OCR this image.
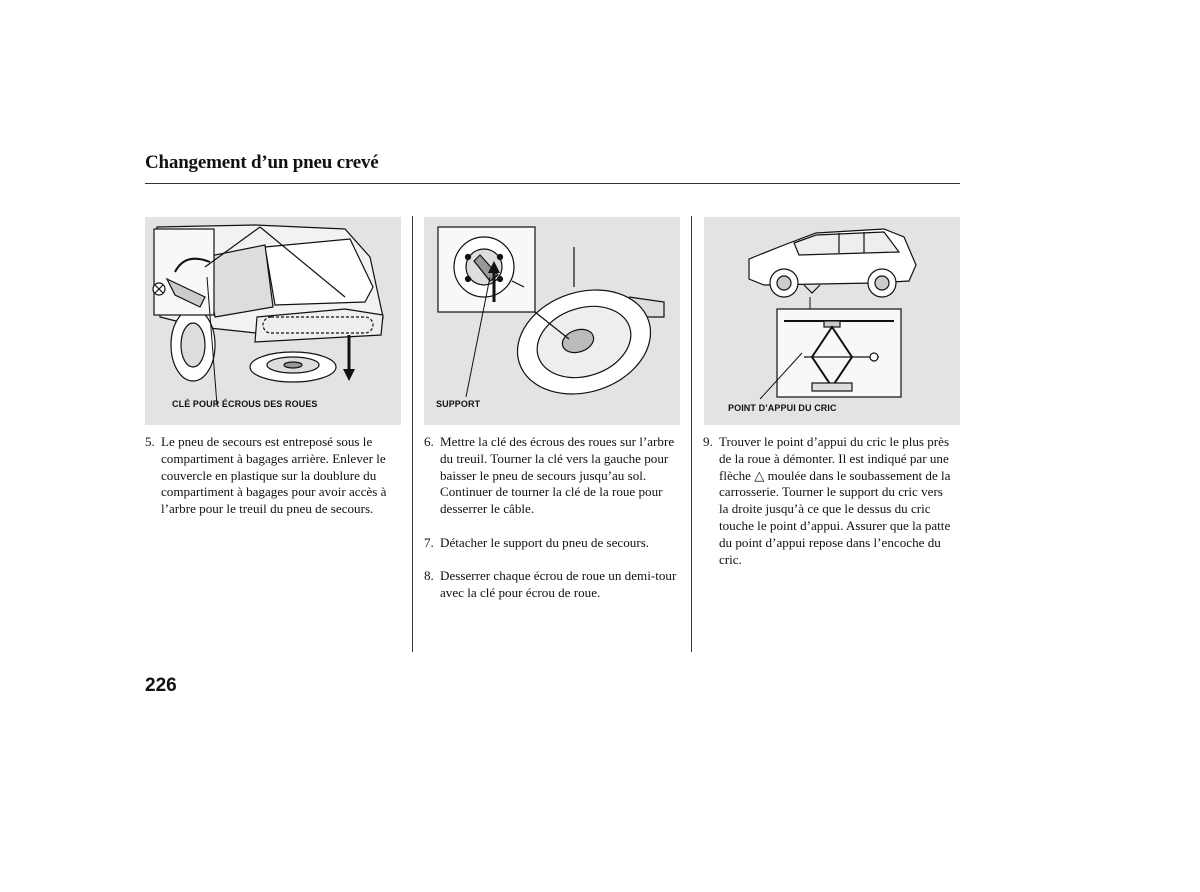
Changement d’un pneu crevé
CLÉ POUR ÉCROUS DES ROUES	SUPPORT	POINT D’APPUI DU CRIC
5. Le pneu de secours est entreposé sous le compartiment à bagages arrière. Enlever le couvercle en plastique sur la doublure du compartiment à bagages pour avoir accès à l’arbre pour le treuil du pneu de secours.
6. Mettre la clé des écrous des roues sur l’arbre du treuil. Tourner la clé vers la gauche pour baisser le pneu de secours jusqu’au sol. Continuer de tourner la clé de la roue pour desserrer le câble.
7. Détacher le support du pneu de secours.
8. Desserrer chaque écrou de roue un demi-tour avec la clé pour écrou de roue.
9. Trouver le point d’appui du cric le plus près de la roue à démonter. Il est indiqué par une flèche △ moulée dans le soubassement de la carrosserie. Tourner le support du cric vers la droite jusqu’à ce que le dessus du cric touche le point d’appui. Assurer que la patte du point d’appui repose dans l’encoche du cric.
226
